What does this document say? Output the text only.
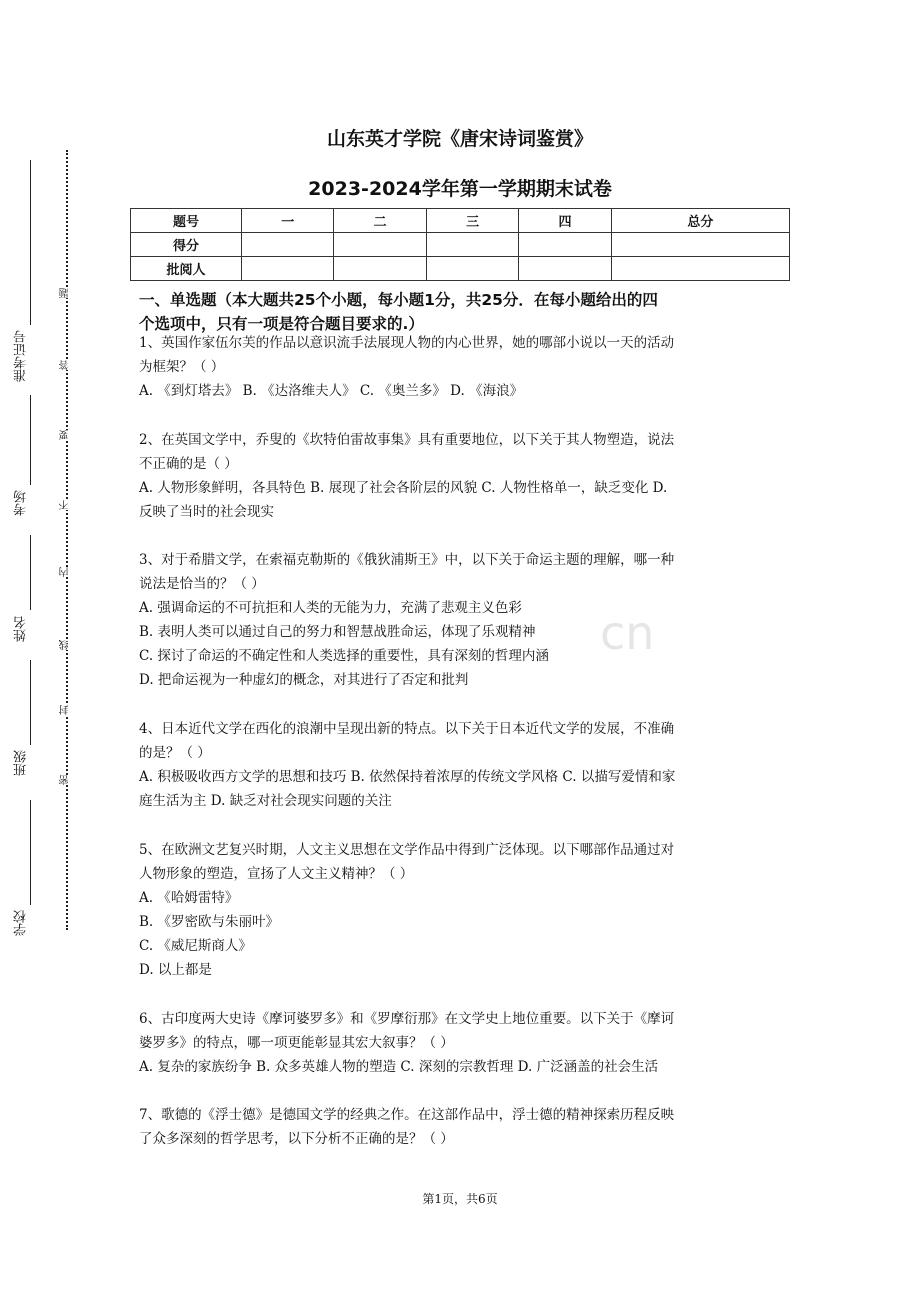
准考证号
考场
姓名
班级
学校
题
答
要
不
内
线
封
密
山东英才学院《唐宋诗词鉴赏》
2023-2024学年第一学期期末试卷
题号	一	二	三	四	总分
得分					
批阅人					

一、单选题（本大题共25个小题，每小题1分，共25分．在每小题给出的四

个选项中，只有一项是符合题目要求的.）

cn

1、英国作家伍尔芙的作品以意识流手法展现人物的内心世界，她的哪部小说以一天的活动

为框架？（ ）

A. 《到灯塔去》 B. 《达洛维夫人》 C. 《奥兰多》 D. 《海浪》

2、在英国文学中，乔叟的《坎特伯雷故事集》具有重要地位，以下关于其人物塑造，说法

不正确的是（ ）

A. 人物形象鲜明，各具特色 B. 展现了社会各阶层的风貌 C. 人物性格单一，缺乏变化 D.

反映了当时的社会现实

3、对于希腊文学，在索福克勒斯的《俄狄浦斯王》中，以下关于命运主题的理解，哪一种

说法是恰当的？（ ）

A. 强调命运的不可抗拒和人类的无能为力，充满了悲观主义色彩

B. 表明人类可以通过自己的努力和智慧战胜命运，体现了乐观精神

C. 探讨了命运的不确定性和人类选择的重要性，具有深刻的哲理内涵

D. 把命运视为一种虚幻的概念，对其进行了否定和批判

4、日本近代文学在西化的浪潮中呈现出新的特点。以下关于日本近代文学的发展，不准确

的是？（ ）

A. 积极吸收西方文学的思想和技巧 B. 依然保持着浓厚的传统文学风格 C. 以描写爱情和家

庭生活为主 D. 缺乏对社会现实问题的关注

5、在欧洲文艺复兴时期，人文主义思想在文学作品中得到广泛体现。以下哪部作品通过对

人物形象的塑造，宣扬了人文主义精神？（ ）

A. 《哈姆雷特》

B. 《罗密欧与朱丽叶》

C. 《威尼斯商人》

D. 以上都是

6、古印度两大史诗《摩诃婆罗多》和《罗摩衍那》在文学史上地位重要。以下关于《摩诃

婆罗多》的特点，哪一项更能彰显其宏大叙事？（ ）

A. 复杂的家族纷争 B. 众多英雄人物的塑造 C. 深刻的宗教哲理 D. 广泛涵盖的社会生活

7、歌德的《浮士德》是德国文学的经典之作。在这部作品中，浮士德的精神探索历程反映

了众多深刻的哲学思考，以下分析不正确的是？（ ）

第1页，共6页
